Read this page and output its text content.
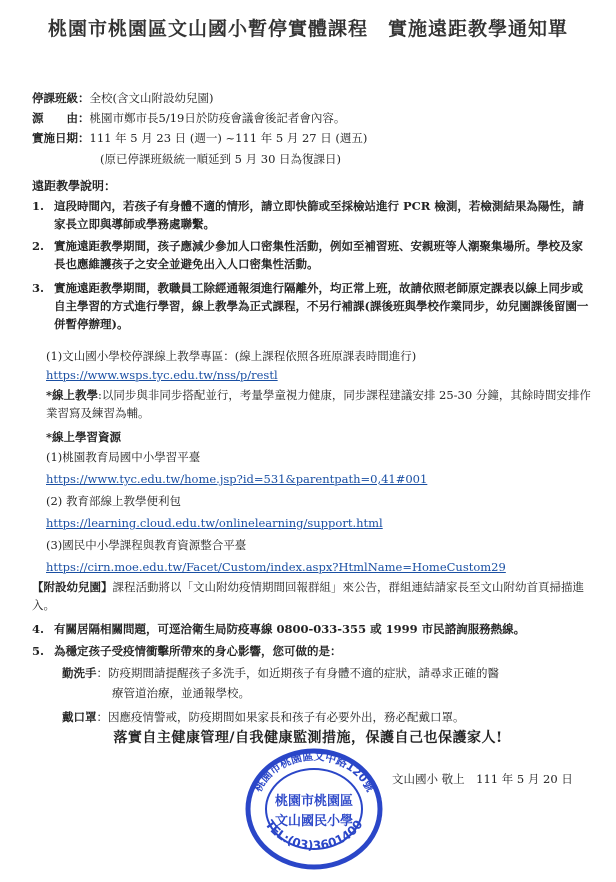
桃園市桃園區文山國小暫停實體課程　實施遠距教學通知單
停課班級：全校(含文山附設幼兒園)
源　　由：桃園市鄭市長5/19日於防疫會議會後記者會內容。
實施日期：111 年 5 月 23 日 (週一) ~111 年 5 月 27 日 (週五)
(原已停課班級統一順延到 5 月 30 日為復課日)
遠距教學說明：
1. 這段時間內，若孩子有身體不適的情形，請立即快篩或至採檢站進行 PCR 檢測，若檢測結果為陽性，請家長立即與導師或學務處聯繫。
2. 實施遠距教學期間，孩子應減少參加人口密集性活動，例如至補習班、安親班等人潮聚集場所。學校及家長也應維護孩子之安全並避免出入人口密集性活動。
3. 實施遠距教學期間，教職員工除經通報須進行隔離外，均正常上班，故請依照老師原定課表以線上同步或自主學習的方式進行學習，線上教學為正式課程，不另行補課(課後班與學校作業同步，幼兒園課後留園一併暫停辦理)。
(1)文山國小學校停課線上教學專區：(線上課程依照各班原課表時間進行)
https://www.wsps.tyc.edu.tw/nss/p/restl
*線上教學:以同步與非同步搭配並行，考量學童視力健康，同步課程建議安排 25-30 分鐘，其餘時間安排作業習寫及練習為輔。
*線上學習資源
(1)桃園教育局國中小學習平臺
https://www.tyc.edu.tw/home.jsp?id=531&parentpath=0,41#001
(2) 教育部線上教學便利包
https://learning.cloud.edu.tw/onlinelearning/support.html
(3)國民中小學課程與教育資源整合平臺
https://cirn.moe.edu.tw/Facet/Custom/index.aspx?HtmlName=HomeCustom29
【附設幼兒園】課程活動將以「文山附幼疫情期間回報群組」來公告，群組連結請家長至文山附幼首頁掃描進入。
4. 有關居隔相關問題，可逕洽衛生局防疫專線 0800-033-355 或 1999 市民諮詢服務熱線。
5. 為穩定孩子受疫情衝擊所帶來的身心影響，您可做的是：
勤洗手：防疫期間請提醒孩子多洗手，如近期孩子有身體不適的症狀，請尋求正確的醫
療管道治療，並通報學校。
戴口罩：因應疫情警戒，防疫期間如果家長和孩子有必要外出，務必配戴口罩。
落實自主健康管理/自我健康監測措施，保護自己也保護家人!
文山國小 敬上　111 年 5 月 20 日
桃園市桃園區文中路120號
TEL:(03)3601400
桃園市桃園區
文山國民小學
